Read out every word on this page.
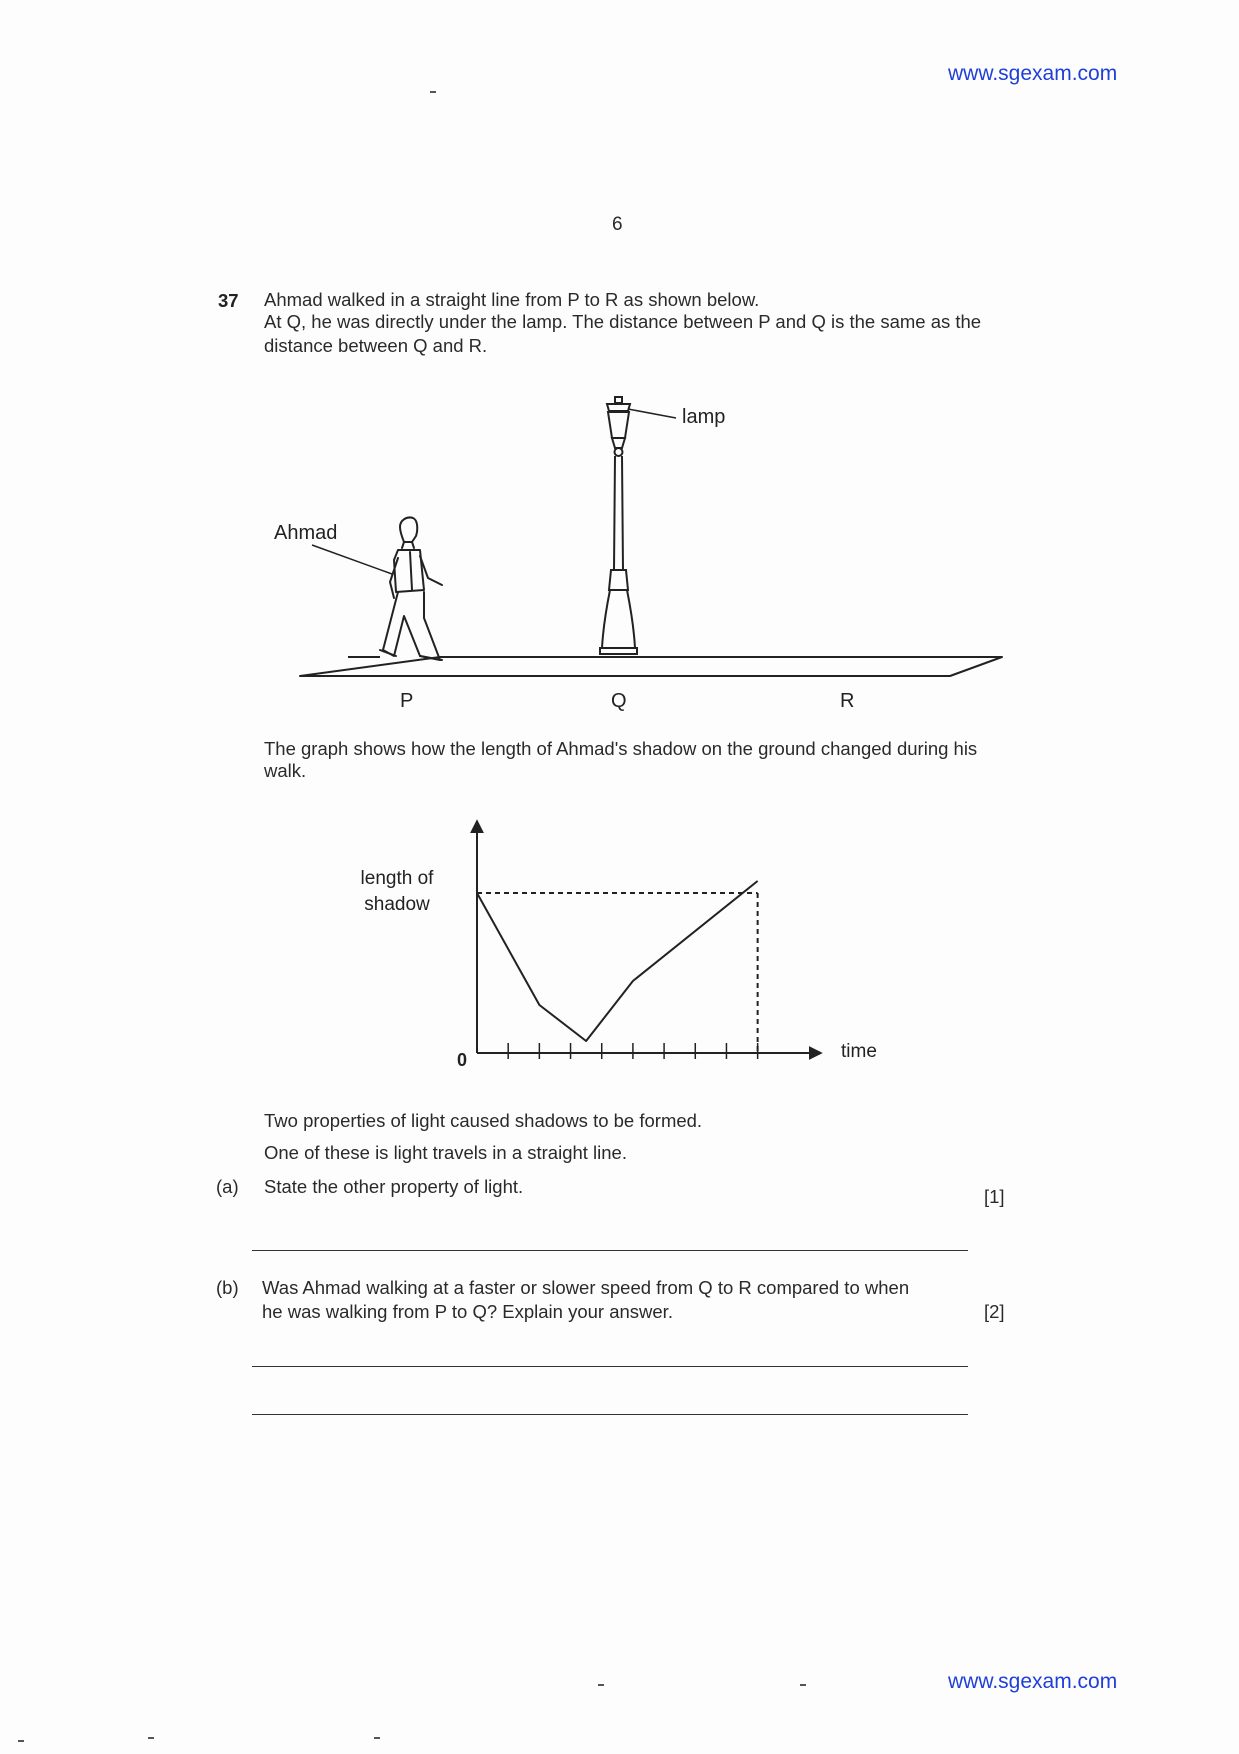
www.sgexam.com
6
37 Ahmad walked in a straight line from P to R as shown below.
At Q, he was directly under the lamp. The distance between P and Q is the same as the
distance between Q and R.
lamp
Ahmad
P	Q	R
The graph shows how the length of Ahmad's shadow on the ground changed during his
walk.
length of
shadow
0	time
Two properties of light caused shadows to be formed.
One of these is light travels in a straight line.
(a) State the other property of light.	[1]
(b) Was Ahmad walking at a faster or slower speed from Q to R compared to when
he was walking from P to Q? Explain your answer.	[2]
www.sgexam.com
